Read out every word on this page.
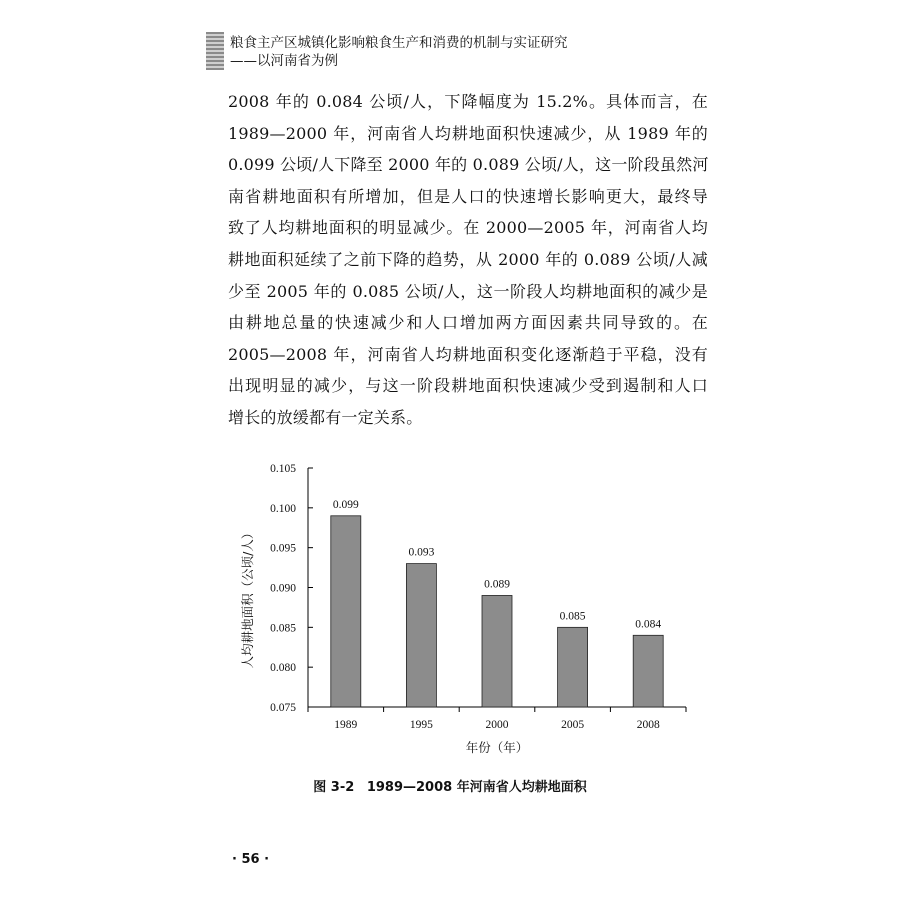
粮食主产区城镇化影响粮食生产和消费的机制与实证研究
——以河南省为例
2008 年的 0.084 公顷/人，下降幅度为 15.2%。具体而言，在
1989—2000 年，河南省人均耕地面积快速减少，从 1989 年的
0.099 公顷/人下降至 2000 年的 0.089 公顷/人，这一阶段虽然河
南省耕地面积有所增加，但是人口的快速增长影响更大，最终导
致了人均耕地面积的明显减少。在 2000—2005 年，河南省人均
耕地面积延续了之前下降的趋势，从 2000 年的 0.089 公顷/人减
少至 2005 年的 0.085 公顷/人，这一阶段人均耕地面积的减少是
由耕地总量的快速减少和人口增加两方面因素共同导致的。在
2005—2008 年，河南省人均耕地面积变化逐渐趋于平稳，没有
出现明显的减少，与这一阶段耕地面积快速减少受到遏制和人口
增长的放缓都有一定关系。
0.075
0.080
0.085
0.090
0.095
0.100
0.105
0.099
1989
0.093
1995
0.089
2000
0.085
2005
0.084
2008
年份（年）
人均耕地面积（公顷/人）
图 3-2 1989—2008 年河南省人均耕地面积
· 56 ·
